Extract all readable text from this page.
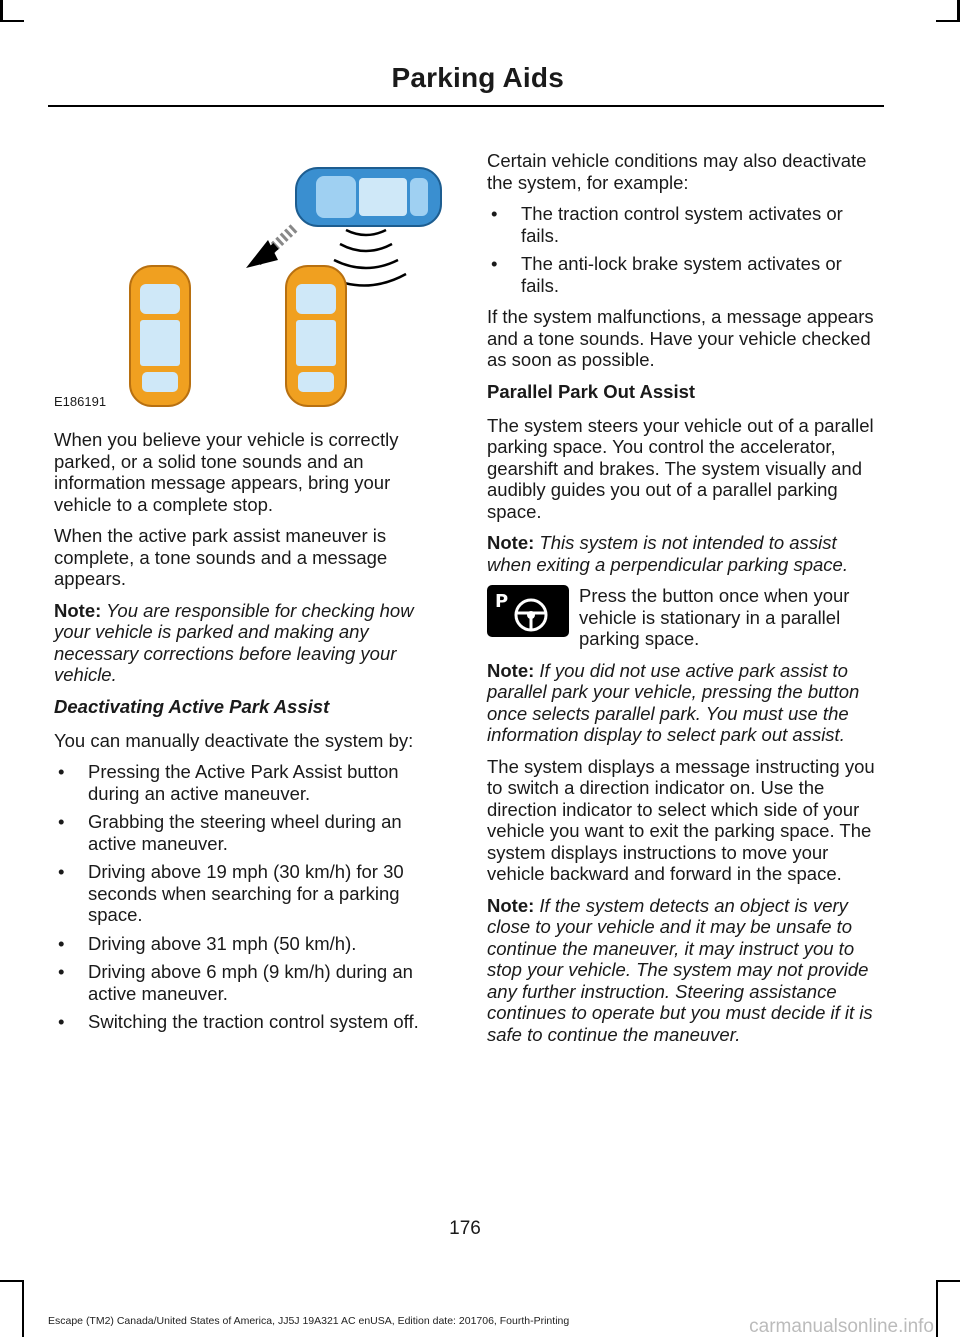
Parking Aids
E186191

When you believe your vehicle is correctly parked, or a solid tone sounds and an information message appears, bring your vehicle to a complete stop.

When the active park assist maneuver is complete, a tone sounds and a message appears.

Note: You are responsible for checking how your vehicle is parked and making any necessary corrections before leaving your vehicle.

Deactivating Active Park Assist

You can manually deactivate the system by:

• Pressing the Active Park Assist button during an active maneuver.
• Grabbing the steering wheel during an active maneuver.
• Driving above 19 mph (30 km/h) for 30 seconds when searching for a parking space.
• Driving above 31 mph (50 km/h).
• Driving above 6 mph (9 km/h) during an active maneuver.
• Switching the traction control system off.

Certain vehicle conditions may also deactivate the system, for example:

• The traction control system activates or fails.
• The anti-lock brake system activates or fails.

If the system malfunctions, a message appears and a tone sounds. Have your vehicle checked as soon as possible.

Parallel Park Out Assist

The system steers your vehicle out of a parallel parking space. You control the accelerator, gearshift and brakes. The system visually and audibly guides you out of a parallel parking space.

Note: This system is not intended to assist when exiting a perpendicular parking space.

P	Press the button once when your vehicle is stationary in a parallel parking space.

Note: If you did not use active park assist to parallel park your vehicle, pressing the button once selects parallel park. You must use the information display to select park out assist.

The system displays a message instructing you to switch a direction indicator on. Use the direction indicator to select which side of your vehicle you want to exit the parking space. The system displays instructions to move your vehicle backward and forward in the space.

Note: If the system detects an object is very close to your vehicle and it may be unsafe to continue the maneuver, it may instruct you to stop your vehicle. The system may not provide any further instruction. Steering assistance continues to operate but you must decide if it is safe to continue the maneuver.

176
Escape (TM2) Canada/United States of America, JJ5J 19A321 AC enUSA, Edition date: 201706, Fourth-Printing	carmanualsonline.info
